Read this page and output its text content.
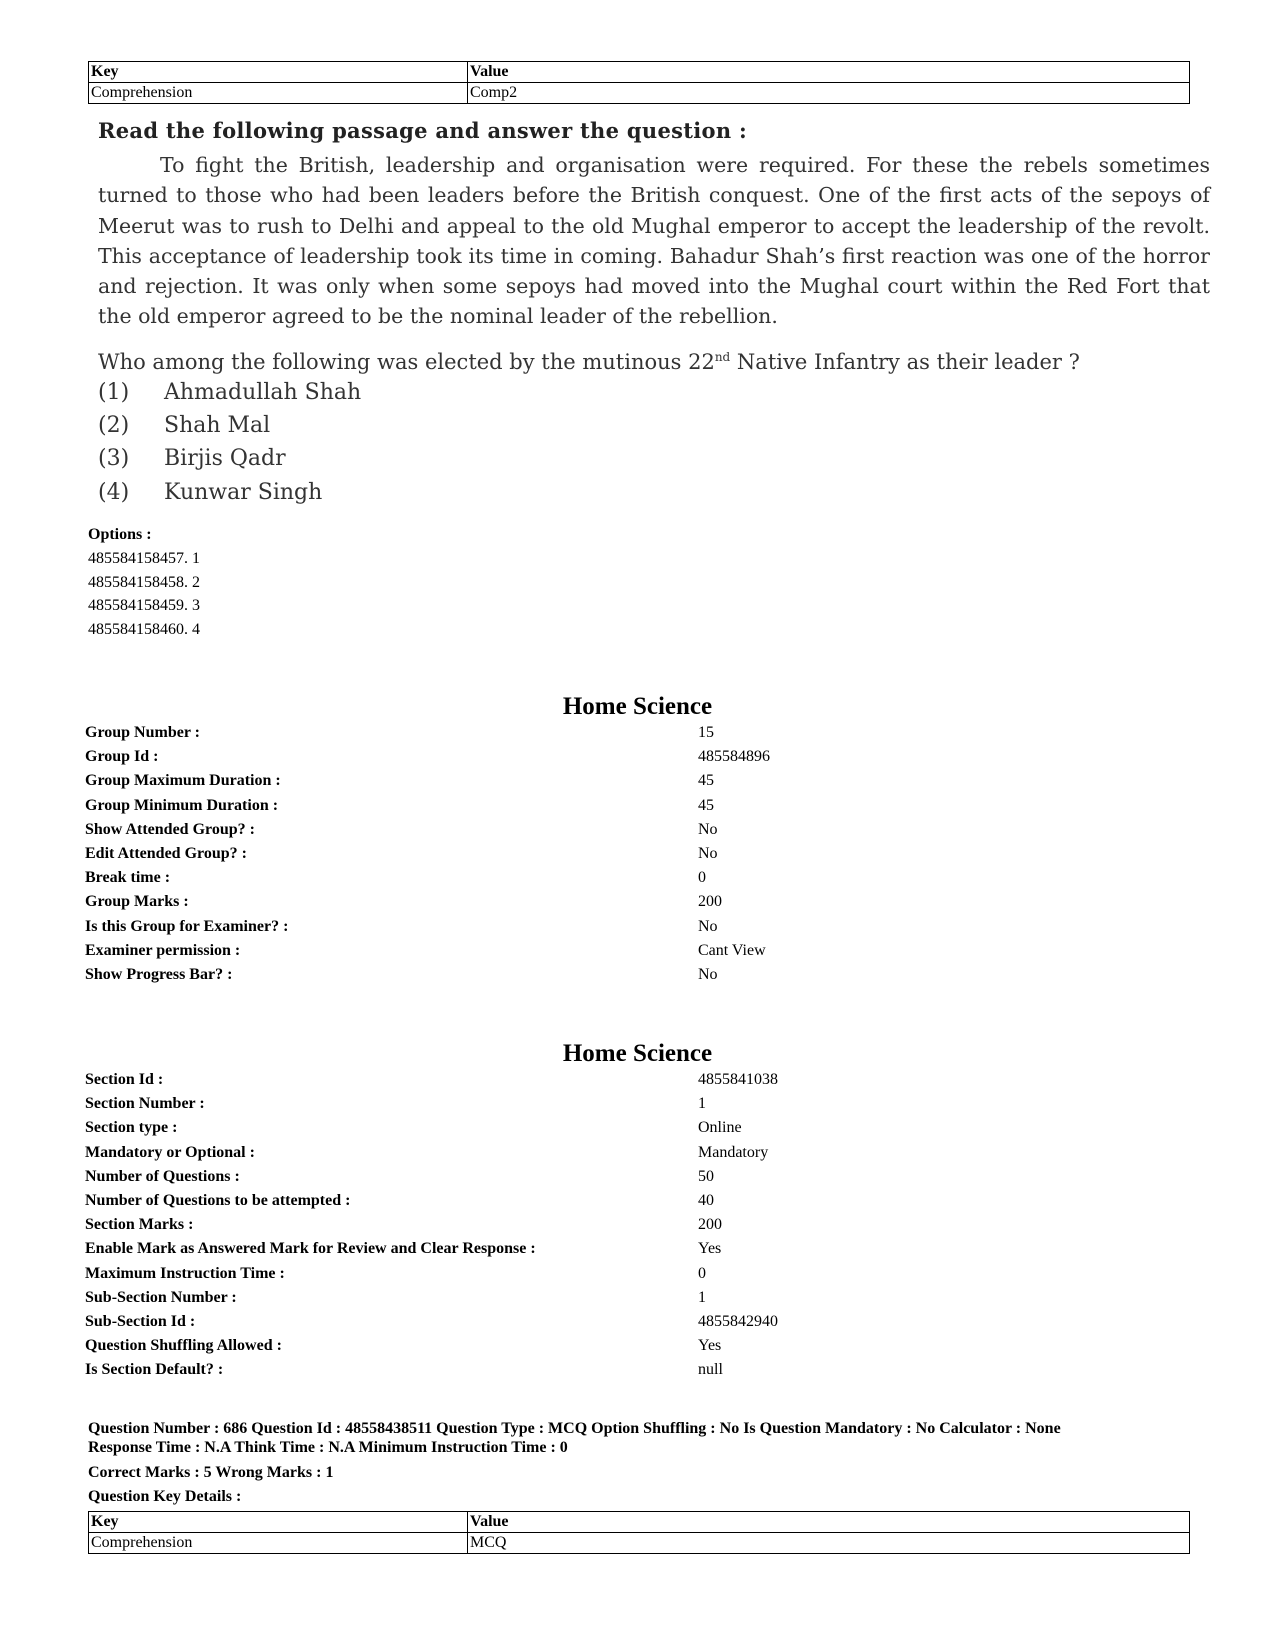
Key	Value
Comprehension	Comp2
Read the following passage and answer the question :
To fight the British, leadership and organisation were required. For these the rebels sometimes turned to those who had been leaders before the British conquest. One of the first acts of the sepoys of Meerut was to rush to Delhi and appeal to the old Mughal emperor to accept the leadership of the revolt. This acceptance of leadership took its time in coming. Bahadur Shah’s first reaction was one of the horror and rejection. It was only when some sepoys had moved into the Mughal court within the Red Fort that the old emperor agreed to be the nominal leader of the rebellion.
Who among the following was elected by the mutinous 22nd Native Infantry as their leader ?
(1) Ahmadullah Shah
(2) Shah Mal
(3) Birjis Qadr
(4) Kunwar Singh
Options :
485584158457. 1
485584158458. 2
485584158459. 3
485584158460. 4
Home Science
Group Number :	15
Group Id :	485584896
Group Maximum Duration :	45
Group Minimum Duration :	45
Show Attended Group? :	No
Edit Attended Group? :	No
Break time :	0
Group Marks :	200
Is this Group for Examiner? :	No
Examiner permission :	Cant View
Show Progress Bar? :	No
Home Science
Section Id :	4855841038
Section Number :	1
Section type :	Online
Mandatory or Optional :	Mandatory
Number of Questions :	50
Number of Questions to be attempted :	40
Section Marks :	200
Enable Mark as Answered Mark for Review and Clear Response :	Yes
Maximum Instruction Time :	0
Sub-Section Number :	1
Sub-Section Id :	4855842940
Question Shuffling Allowed :	Yes
Is Section Default? :	null
Question Number : 686 Question Id : 48558438511 Question Type : MCQ Option Shuffling : No Is Question Mandatory : No Calculator : None
Response Time : N.A Think Time : N.A Minimum Instruction Time : 0
Correct Marks : 5 Wrong Marks : 1
Question Key Details :
Key	Value
Comprehension	MCQ
